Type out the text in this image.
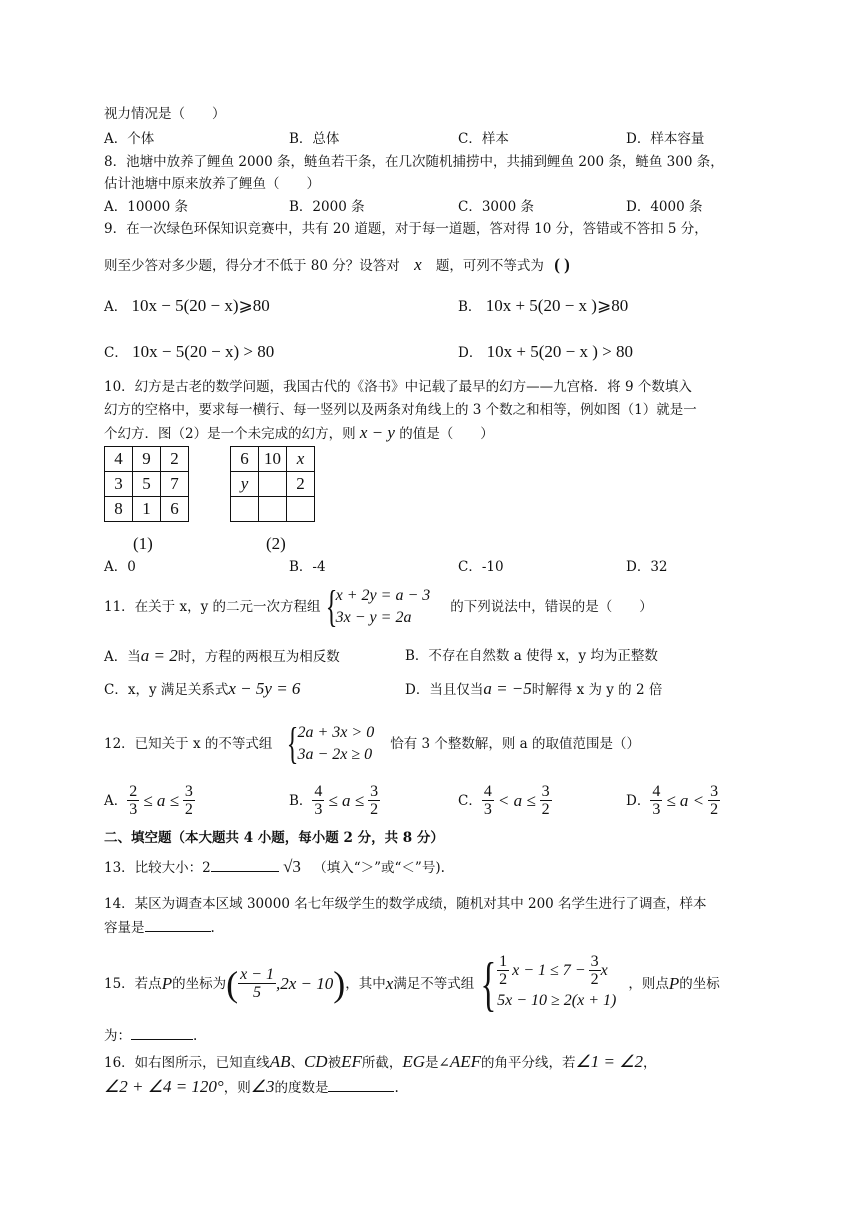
视力情况是（　　）
A．个体	B．总体	C．样本	D．样本容量
8．池塘中放养了鲤鱼 2000 条，鲢鱼若干条，在几次随机捕捞中，共捕到鲤鱼 200 条，鲢鱼 300 条，
估计池塘中原来放养了鲤鱼（　　）
A．10000 条	B．2000 条	C．3000 条	D．4000 条
9．在一次绿色环保知识竞赛中，共有 20 道题，对于每一道题，答对得 10 分，答错或不答扣 5 分，
则至少答对多少题，得分才不低于 80 分？设答对 x 题，可列不等式为 ( )
A． 10x − 5(20 − x)⩾80	B． 10x + 5(20 − x )⩾80
C． 10x − 5(20 − x) > 80	D． 10x + 5(20 − x ) > 80
10．幻方是古老的数学问题，我国古代的《洛书》中记载了最早的幻方——九宫格．将 9 个数填入
幻方的空格中，要求每一横行、每一竖列以及两条对角线上的 3 个数之和相等，例如图（1）就是一
个幻方．图（2）是一个未完成的幻方，则 x − y 的值是（　　）
4	9	2
3	5	7
8	1	6
(1)
6	10	x
y		2

(2)
A．0	B．-4	C．-10	D．32
11．在关于 x，y 的二元一次方程组 {
x + 2y = a − 3
3x − y = 2a
的下列说法中，错误的是（　　）
A．当a = 2时，方程的两根互为相反数	B．不存在自然数 a 使得 x，y 均为正整数
C．x，y 满足关系式x − 5y = 6	D．当且仅当a = −5时解得 x 为 y 的 2 倍
12．已知关于 x 的不等式组 {
2a + 3x > 0
3a − 2x ≥ 0
恰有 3 个整数解，则 a 的取值范围是（）
A． $\frac{2}{3} \le a \le \frac{3}{2}$	B． $\frac{4}{3} \le a \le \frac{3}{2}$	C． $\frac{4}{3} < a \le \frac{3}{2}$	D． $\frac{4}{3} \le a < \frac{3}{2}$
二、填空题（本大题共 4 小题，每小题 2 分，共 8 分）
13．比较大小：2	√3 （填入“＞”或“＜”号).
14．某区为调查本区域 30000 名七年级学生的数学成绩，随机对其中 200 名学生进行了调查，样本
容量是	.
15．若点 P 的坐标为 ( $\frac{x - 1}{5} ,2x - 10$ ) ，其中 x 满足不等式组 { $\frac{1}{2}$ $x - 1 \le 7 - \frac{3}{2}$ x
5x − 10 ≥ 2(x + 1)
，则点 P 的坐标
为：	.
16．如右图所示，已知直线AB、CD被EF所截，EG是∠AEF的角平分线，若∠1 = ∠2，
∠2 + ∠4 = 120°，则∠3的度数是	.
